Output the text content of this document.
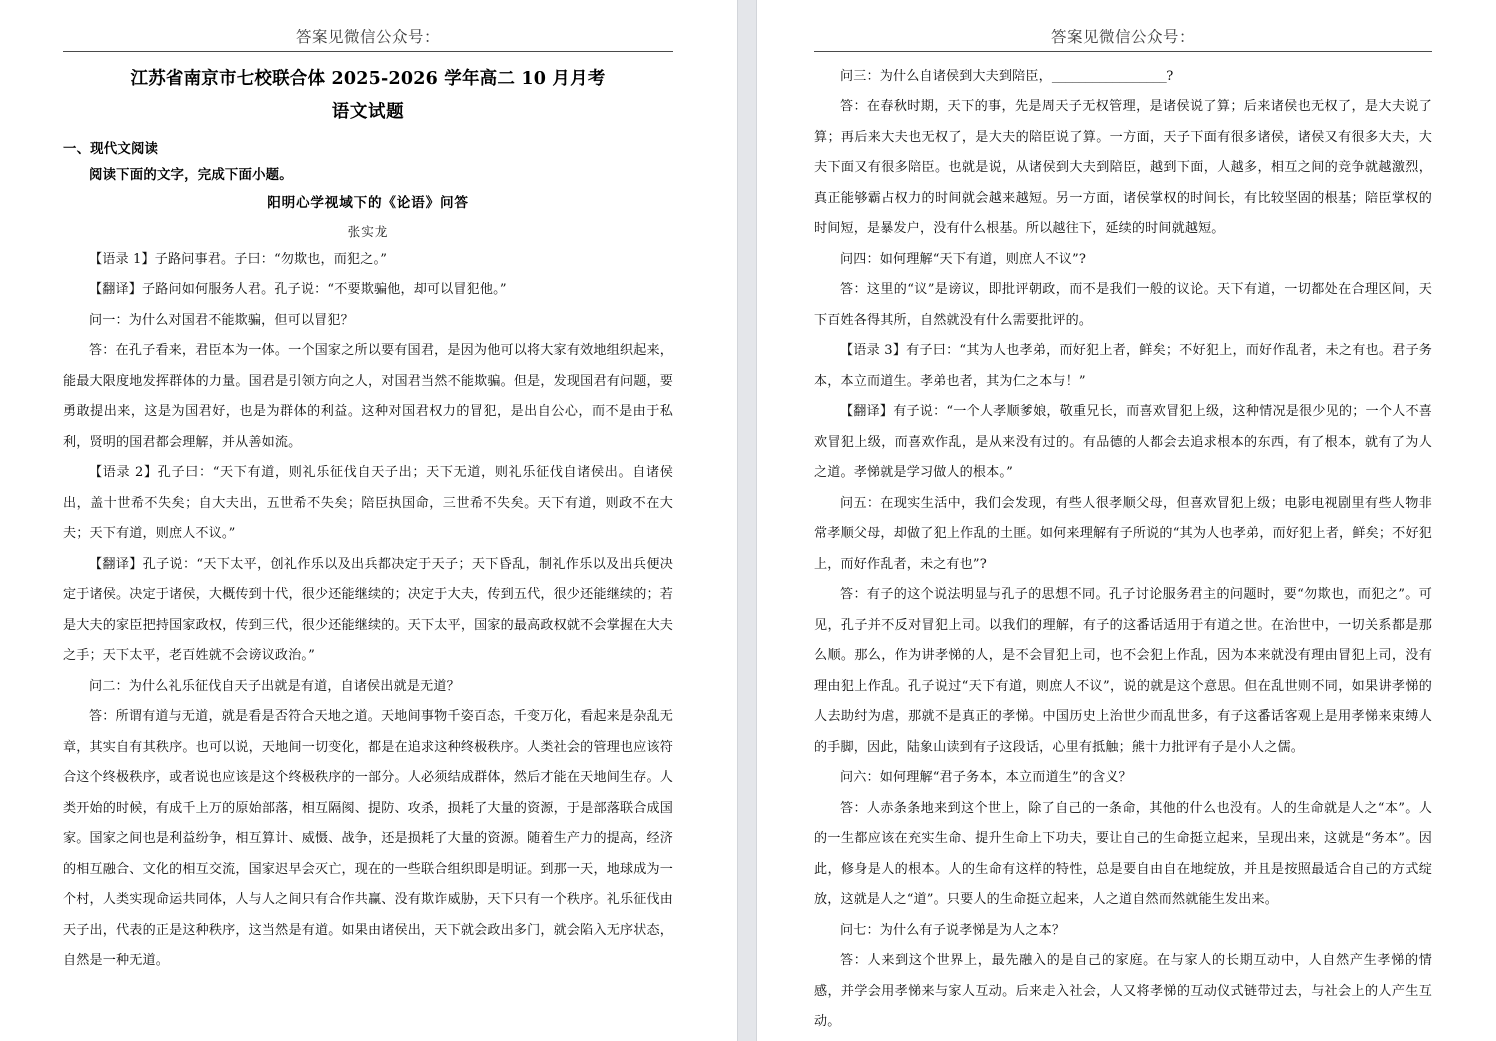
答案见微信公众号：
江苏省南京市七校联合体 2025-2026 学年高二 10 月月考
语文试题
一、现代文阅读
阅读下面的文字，完成下面小题。
阳明心学视域下的《论语》问答
张实龙

【语录 1】子路问事君。子曰：“勿欺也，而犯之。”

【翻译】子路问如何服务人君。孔子说：“不要欺骗他，却可以冒犯他。”

问一：为什么对国君不能欺骗，但可以冒犯？

答：在孔子看来，君臣本为一体。一个国家之所以要有国君，是因为他可以将大家有效地组织起来，能最大限度地发挥群体的力量。国君是引领方向之人，对国君当然不能欺骗。但是，发现国君有问题，要勇敢提出来，这是为国君好，也是为群体的利益。这种对国君权力的冒犯，是出自公心，而不是由于私利，贤明的国君都会理解，并从善如流。

【语录 2】孔子曰：“天下有道，则礼乐征伐自天子出；天下无道，则礼乐征伐自诸侯出。自诸侯出，盖十世希不失矣；自大夫出，五世希不失矣；陪臣执国命，三世希不失矣。天下有道，则政不在大夫；天下有道，则庶人不议。”

【翻译】孔子说：“天下太平，创礼作乐以及出兵都决定于天子；天下昏乱，制礼作乐以及出兵便决定于诸侯。决定于诸侯，大概传到十代，很少还能继续的；决定于大夫，传到五代，很少还能继续的；若是大夫的家臣把持国家政权，传到三代，很少还能继续的。天下太平，国家的最高政权就不会掌握在大夫之手；天下太平，老百姓就不会谤议政治。”

问二：为什么礼乐征伐自天子出就是有道，自诸侯出就是无道？

答：所谓有道与无道，就是看是否符合天地之道。天地间事物千姿百态，千变万化，看起来是杂乱无章，其实自有其秩序。也可以说，天地间一切变化，都是在追求这种终极秩序。人类社会的管理也应该符合这个终极秩序，或者说也应该是这个终极秩序的一部分。人必须结成群体，然后才能在天地间生存。人类开始的时候，有成千上万的原始部落，相互隔阂、提防、攻杀，损耗了大量的资源，于是部落联合成国家。国家之间也是利益纷争，相互算计、威慑、战争，还是损耗了大量的资源。随着生产力的提高，经济的相互融合、文化的相互交流，国家迟早会灭亡，现在的一些联合组织即是明证。到那一天，地球成为一个村，人类实现命运共同体，人与人之间只有合作共赢、没有欺诈威胁，天下只有一个秩序。礼乐征伐由天子出，代表的正是这种秩序，这当然是有道。如果由诸侯出，天下就会政出多门，就会陷入无序状态，自然是一种无道。

答案见微信公众号：

问三：为什么自诸侯到大夫到陪臣，_________________?

答：在春秋时期，天下的事，先是周天子无权管理，是诸侯说了算；后来诸侯也无权了，是大夫说了算；再后来大夫也无权了，是大夫的陪臣说了算。一方面，天子下面有很多诸侯，诸侯又有很多大夫，大夫下面又有很多陪臣。也就是说，从诸侯到大夫到陪臣，越到下面，人越多，相互之间的竞争就越激烈，真正能够霸占权力的时间就会越来越短。另一方面，诸侯掌权的时间长，有比较坚固的根基；陪臣掌权的时间短，是暴发户，没有什么根基。所以越往下，延续的时间就越短。

问四：如何理解“天下有道，则庶人不议”?

答：这里的“议”是谤议，即批评朝政，而不是我们一般的议论。天下有道，一切都处在合理区间，天下百姓各得其所，自然就没有什么需要批评的。

【语录 3】有子曰：“其为人也孝弟，而好犯上者，鲜矣；不好犯上，而好作乱者，未之有也。君子务本，本立而道生。孝弟也者，其为仁之本与！”

【翻译】有子说：“一个人孝顺爹娘，敬重兄长，而喜欢冒犯上级，这种情况是很少见的；一个人不喜欢冒犯上级，而喜欢作乱，是从来没有过的。有品德的人都会去追求根本的东西，有了根本，就有了为人之道。孝悌就是学习做人的根本。”

问五：在现实生活中，我们会发现，有些人很孝顺父母，但喜欢冒犯上级；电影电视剧里有些人物非常孝顺父母，却做了犯上作乱的土匪。如何来理解有子所说的“其为人也孝弟，而好犯上者，鲜矣；不好犯上，而好作乱者，未之有也”?

答：有子的这个说法明显与孔子的思想不同。孔子讨论服务君主的问题时，要“勿欺也，而犯之”。可见，孔子并不反对冒犯上司。以我们的理解，有子的这番话适用于有道之世。在治世中，一切关系都是那么顺。那么，作为讲孝悌的人，是不会冒犯上司，也不会犯上作乱，因为本来就没有理由冒犯上司，没有理由犯上作乱。孔子说过“天下有道，则庶人不议”，说的就是这个意思。但在乱世则不同，如果讲孝悌的人去助纣为虐，那就不是真正的孝悌。中国历史上治世少而乱世多，有子这番话客观上是用孝悌来束缚人的手脚，因此，陆象山读到有子这段话，心里有抵触；熊十力批评有子是小人之儒。

问六：如何理解“君子务本，本立而道生”的含义？

答：人赤条条地来到这个世上，除了自己的一条命，其他的什么也没有。人的生命就是人之“本”。人的一生都应该在充实生命、提升生命上下功夫，要让自己的生命挺立起来，呈现出来，这就是“务本”。因此，修身是人的根本。人的生命有这样的特性，总是要自由自在地绽放，并且是按照最适合自己的方式绽放，这就是人之“道”。只要人的生命挺立起来，人之道自然而然就能生发出来。

问七：为什么有子说孝悌是为人之本？

答：人来到这个世界上，最先融入的是自己的家庭。在与家人的长期互动中，人自然产生孝悌的情感，并学会用孝悌来与家人互动。后来走入社会，人又将孝悌的互动仪式链带过去，与社会上的人产生互动。
